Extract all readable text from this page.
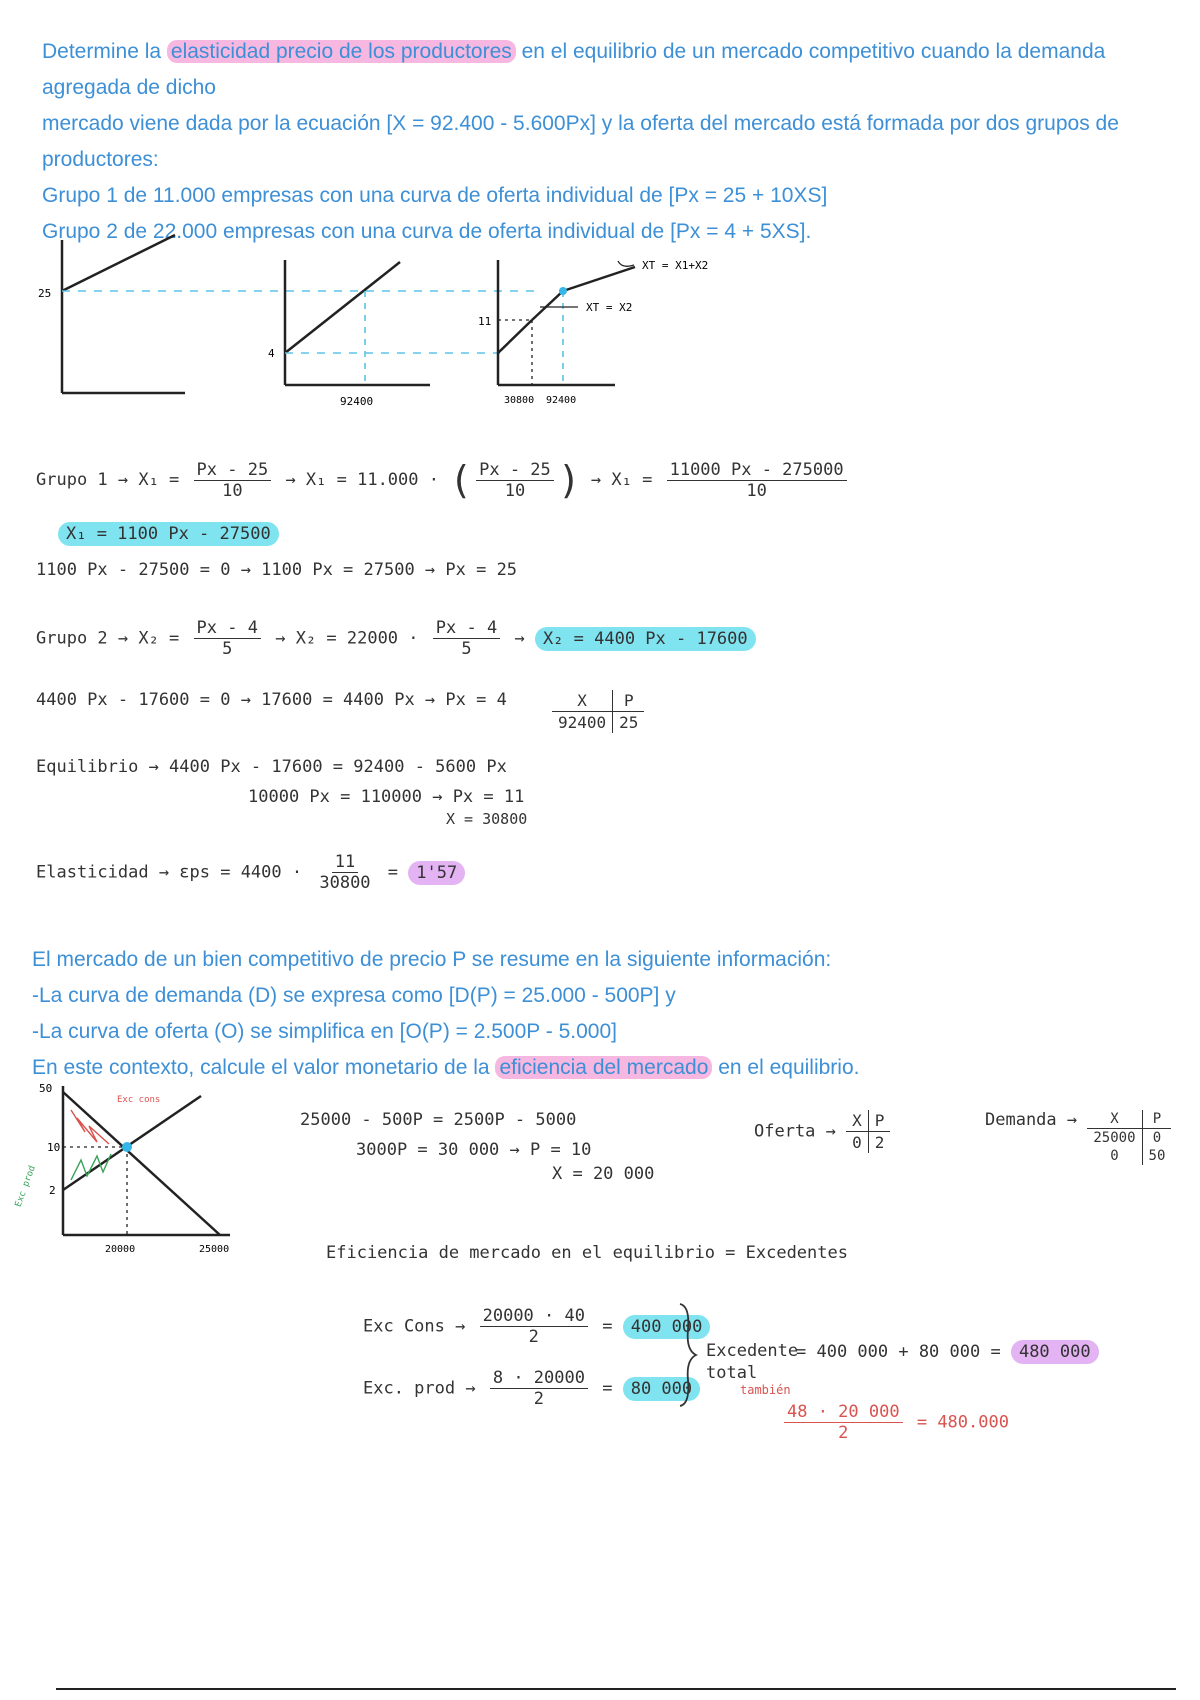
Determine la elasticidad precio de los productores en el equilibrio de un mercado competitivo cuando la demanda agregada de dicho
mercado viene dada por la ecuación [X = 92.400 - 5.600Px] y la oferta del mercado está formada por dos grupos de
productores:
Grupo 1 de 11.000 empresas con una curva de oferta individual de [Px = 25 + 10XS]
Grupo 2 de 22.000 empresas con una curva de oferta individual de [Px = 4 + 5XS].
25
4
92400
11
30800 92400
XT = X1+X2
XT = X2
Grupo $1 \to X_1 = \frac{Px - 25}{10} \to X_1 = 11.000$ · ( $\frac{Px - 25}{10}$ ) → $X_1 = \frac{11000 Px - 275000}{10}$
X₁ = 1100 Px - 27500
1100 Px - 27500 = 0 → 1100 Px = 27500 → Px = 25
Grupo $2 \to X_2 = \frac{Px - 4}{5} \to X_2 = 22000 \cdot \frac{Px - 4}{5} \to X_2 = 4400$ Px - 17600
4400 Px - 17600 = 0 → 17600 = 4400 Px → Px = 4	X	P
92400 25
Equilibrio → 4400 Px - 17600 = 92400 - 5600 Px
10000 Px = 110000 → Px = 11
X = 30800
Elasticidad → $\varepsilon ps = 4400 \cdot \frac{11}{30800} = 1'57$
El mercado de un bien competitivo de precio P se resume en la siguiente información:
-La curva de demanda (D) se expresa como [D(P) = 25.000 - 500P] y
-La curva de oferta (O) se simplifica en [O(P) = 2.500P - 5.000]
En este contexto, calcule el valor monetario de la eficiencia del mercado en el equilibrio.
50
10
2
20000	25000
Exc cons
Exc prod
25000 - 500P = 2500P - 5000
3000P = 30 000 → P = 10
X = 20 000
Oferta →
X P
0 2
Demanda →	X	P
25000	0
0	50
Eficiencia de mercado en el equilibrio = Excedentes
Exc Cons → $\frac{20000 \cdot 40}{2} = 400$ 000
Exc. prod → $\frac{8 \cdot 20000}{2} = 80$ 000
Excedente total
= 400 000 + 80 000 = 480 000
también
$\frac{48 \cdot 20 000}{2} = 480.000$
